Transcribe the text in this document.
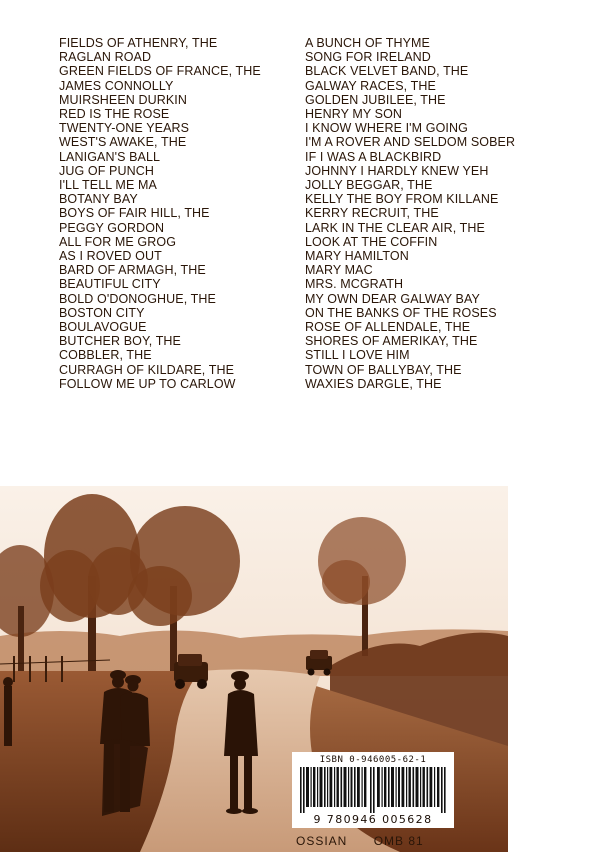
FIELDS OF ATHENRY, THE
RAGLAN ROAD
GREEN FIELDS OF FRANCE, THE
JAMES CONNOLLY
MUIRSHEEN DURKIN
RED IS THE ROSE
TWENTY-ONE YEARS
WEST'S AWAKE, THE
LANIGAN'S BALL
JUG OF PUNCH
I'LL TELL ME MA
BOTANY BAY
BOYS OF FAIR HILL, THE
PEGGY GORDON
ALL FOR ME GROG
AS I ROVED OUT
BARD OF ARMAGH, THE
BEAUTIFUL CITY
BOLD O'DONOGHUE, THE
BOSTON CITY
BOULAVOGUE
BUTCHER BOY, THE
COBBLER, THE
CURRAGH OF KILDARE, THE
FOLLOW ME UP TO CARLOW
A BUNCH OF THYME
SONG FOR IRELAND
BLACK VELVET BAND, THE
GALWAY RACES, THE
GOLDEN JUBILEE, THE
HENRY MY SON
I KNOW WHERE I'M GOING
I'M A ROVER AND SELDOM SOBER
IF I WAS A BLACKBIRD
JOHNNY I HARDLY KNEW YEH
JOLLY BEGGAR, THE
KELLY THE BOY FROM KILLANE
KERRY RECRUIT, THE
LARK IN THE CLEAR AIR, THE
LOOK AT THE COFFIN
MARY HAMILTON
MARY MAC
MRS. MCGRATH
MY OWN DEAR GALWAY BAY
ON THE BANKS OF THE ROSES
ROSE OF ALLENDALE, THE
SHORES OF AMERIKAY, THE
STILL I LOVE HIM
TOWN OF BALLYBAY, THE
WAXIES DARGLE, THE
ISBN 0-946005-62-1
9 780946 005628
OSSIAN OMB 81
